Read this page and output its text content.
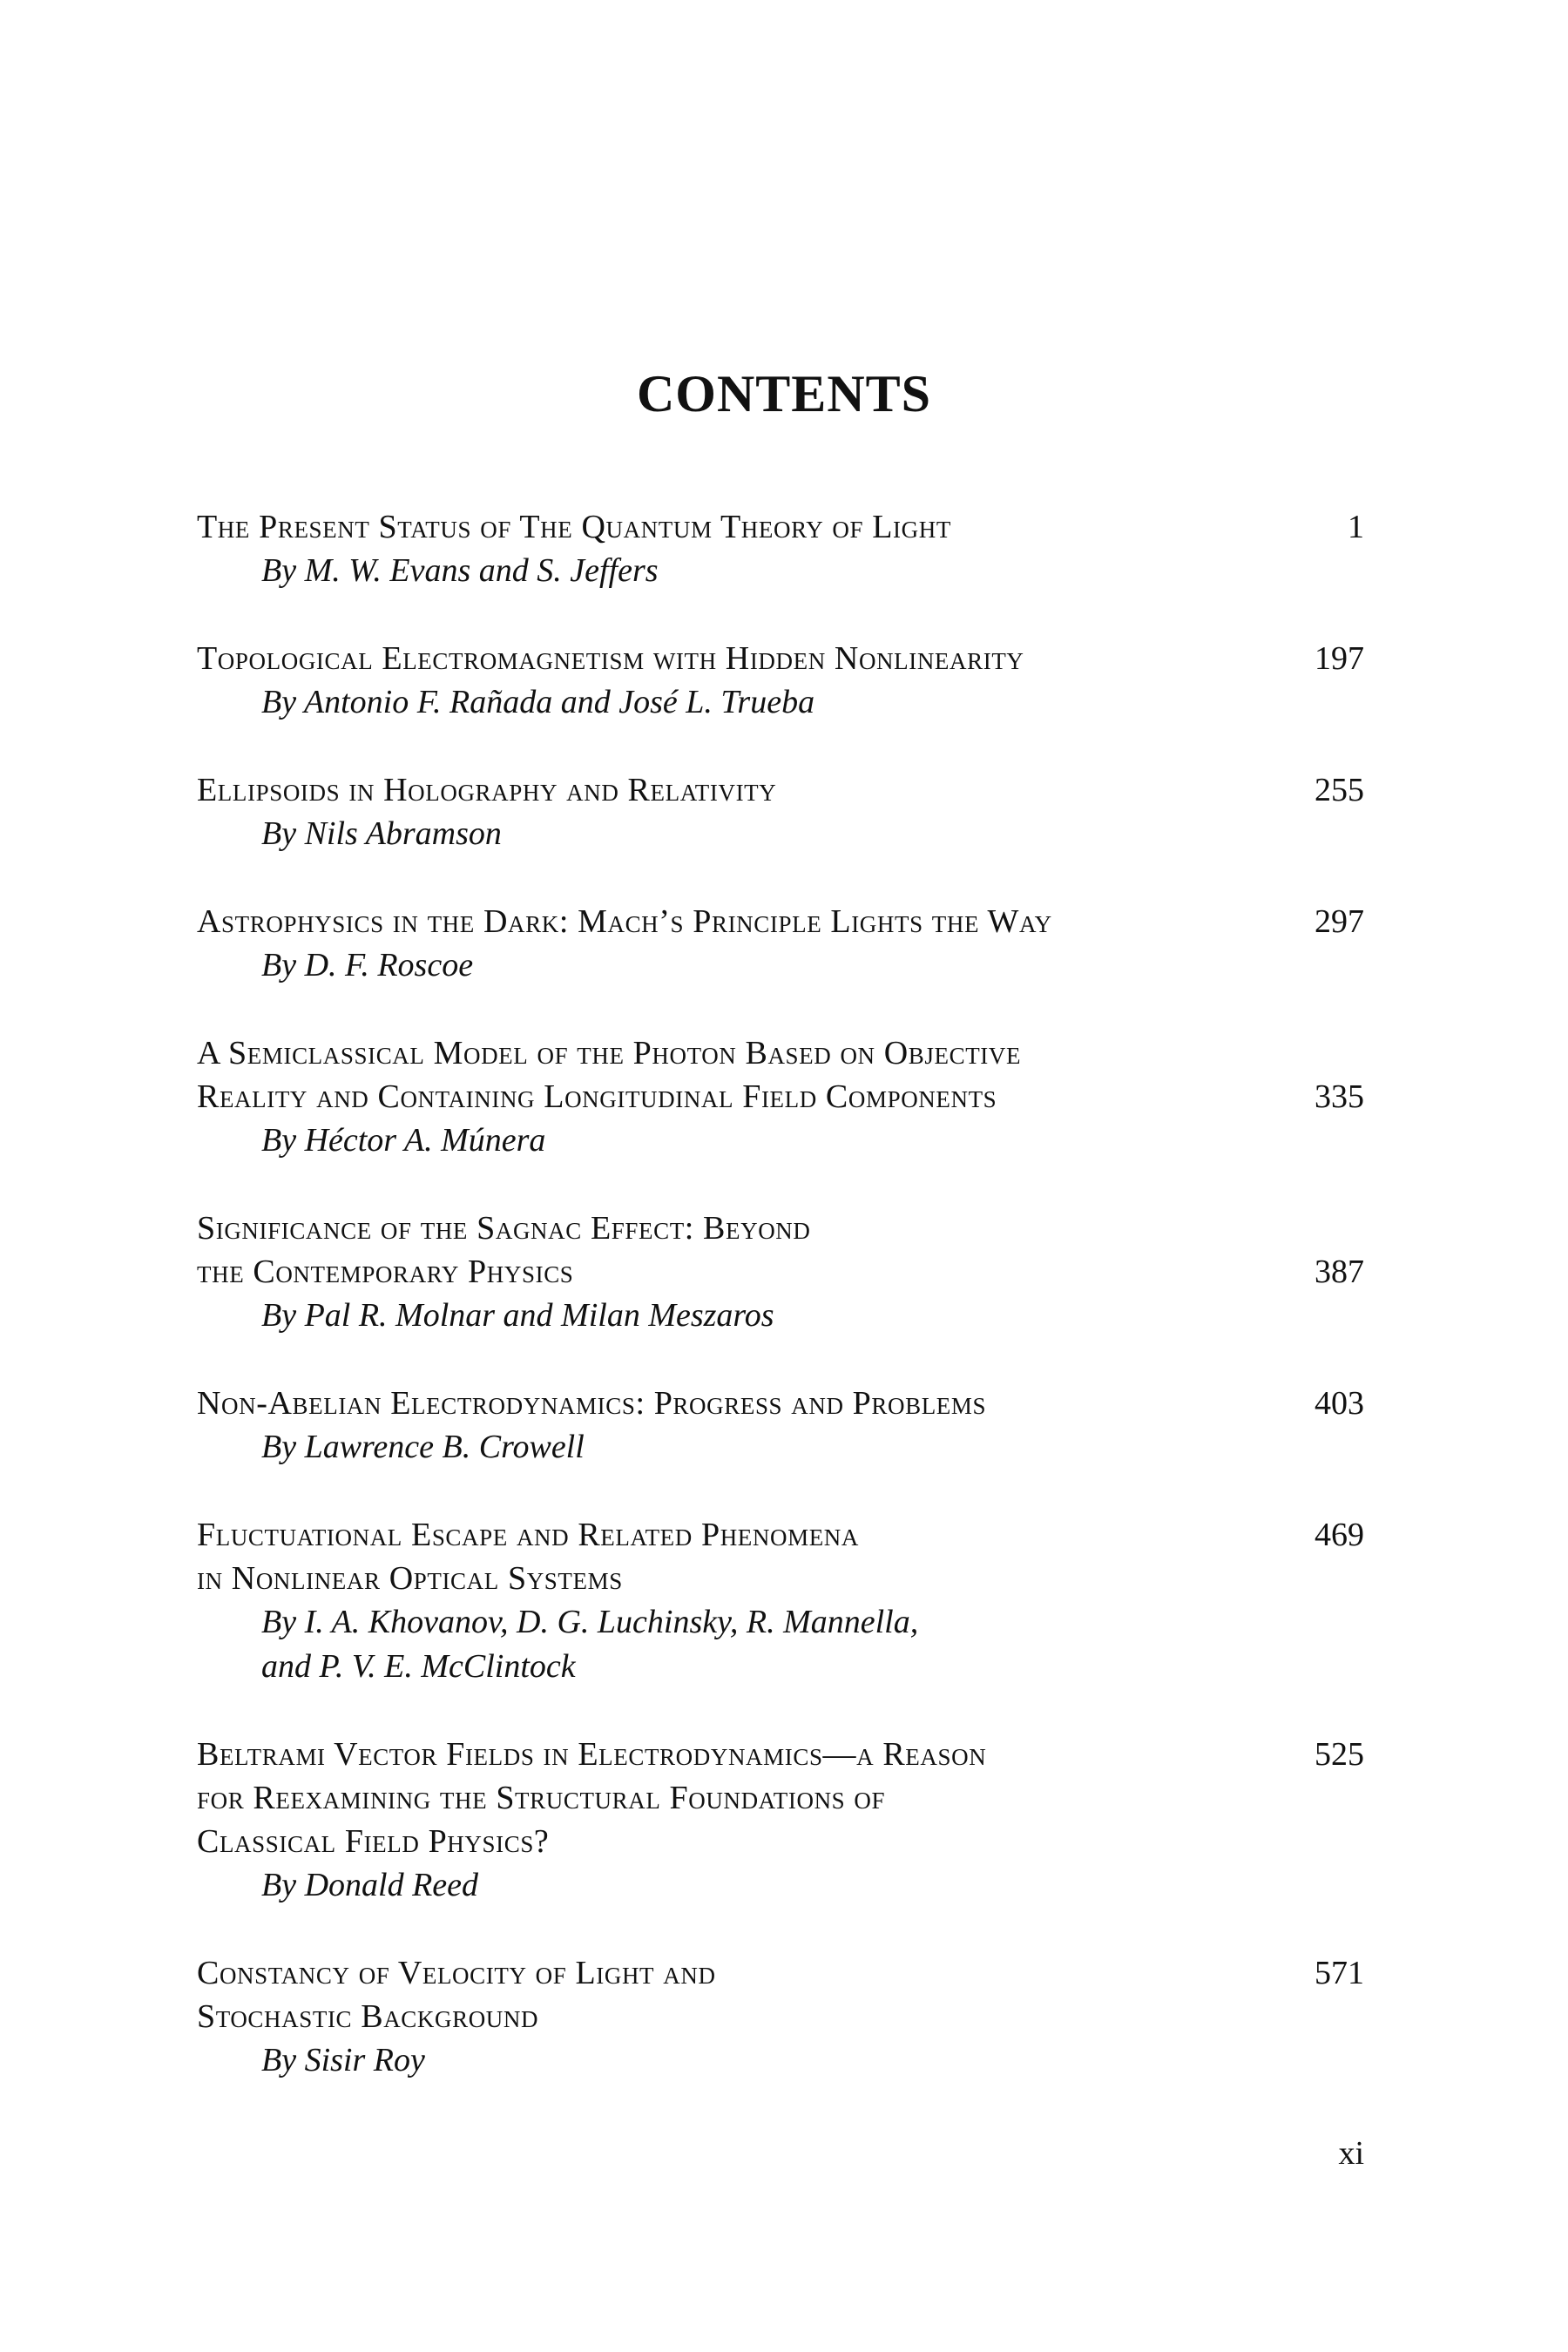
CONTENTS
The Present Status of The Quantum Theory of Light
By M. W. Evans and S. Jeffers
1
Topological Electromagnetism with Hidden Nonlinearity
By Antonio F. Rañada and José L. Trueba
197
Ellipsoids in Holography and Relativity
By Nils Abramson
255
Astrophysics in the Dark: Mach’s Principle Lights the Way
By D. F. Roscoe
297
A Semiclassical Model of the Photon Based on Objective
Reality and Containing Longitudinal Field Components
By Héctor A. Múnera
335
Significance of the Sagnac Effect: Beyond
the Contemporary Physics
By Pal R. Molnar and Milan Meszaros
387
Non-Abelian Electrodynamics: Progress and Problems
By Lawrence B. Crowell
403
Fluctuational Escape and Related Phenomena
in Nonlinear Optical Systems
By I. A. Khovanov, D. G. Luchinsky, R. Mannella,
and P. V. E. McClintock
469
Beltrami Vector Fields in Electrodynamics—a Reason
for Reexamining the Structural Foundations of
Classical Field Physics?
By Donald Reed
525
Constancy of Velocity of Light and
Stochastic Background
By Sisir Roy
571
xi
